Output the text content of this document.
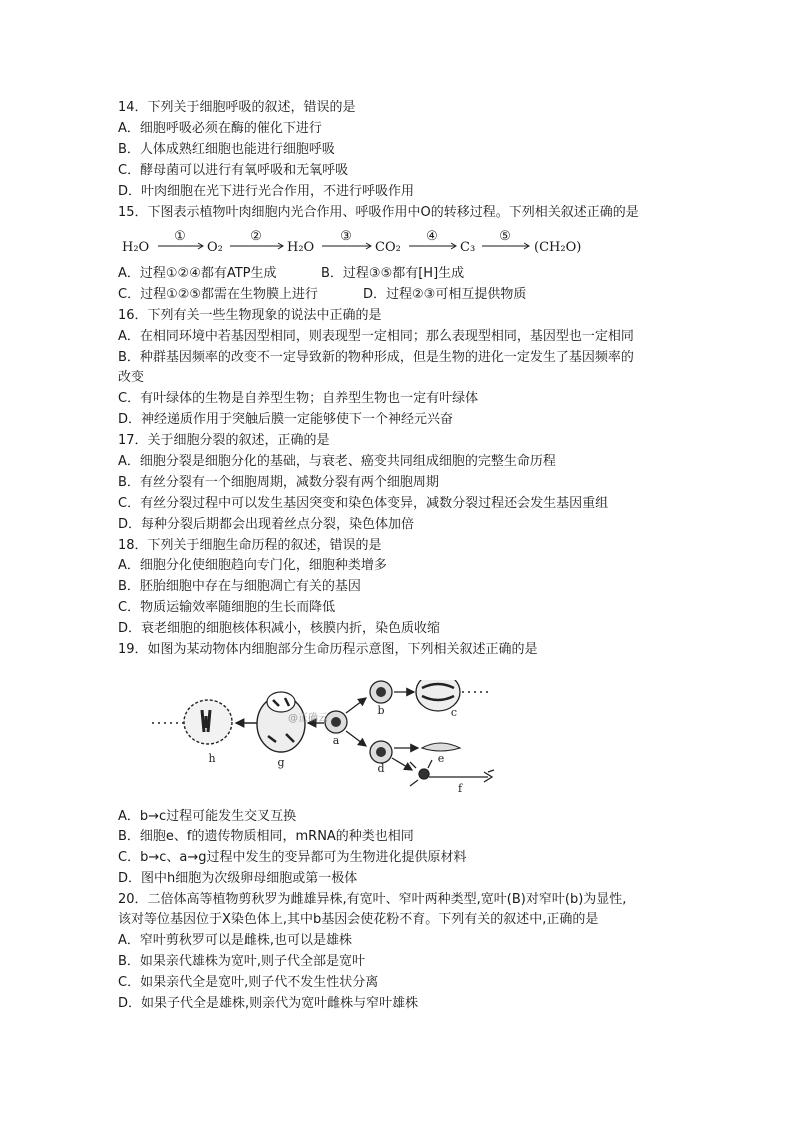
14．下列关于细胞呼吸的叙述，错误的是
A．细胞呼吸必须在酶的催化下进行
B．人体成熟红细胞也能进行细胞呼吸
C．酵母菌可以进行有氧呼吸和无氧呼吸
D．叶肉细胞在光下进行光合作用，不进行呼吸作用
15．下图表示植物叶肉细胞内光合作用、呼吸作用中O的转移过程。下列相关叙述正确的是
H₂O	O₂	H₂O	CO₂	C₃	(CH₂O)
①	②	③	④	⑤
A．过程①②④都有ATP生成	B．过程③⑤都有[H]生成
C．过程①②⑤都需在生物膜上进行	D．过程②③可相互提供物质
16．下列有关一些生物现象的说法中正确的是
A．在相同环境中若基因型相同，则表现型一定相同；那么表现型相同，基因型也一定相同
B．种群基因频率的改变不一定导致新的物种形成，但是生物的进化一定发生了基因频率的
改变
C．有叶绿体的生物是自养型生物；自养型生物也一定有叶绿体
D．神经递质作用于突触后膜一定能够使下一个神经元兴奋
17．关于细胞分裂的叙述，正确的是
A．细胞分裂是细胞分化的基础，与衰老、癌变共同组成细胞的完整生命历程
B．有丝分裂有一个细胞周期，减数分裂有两个细胞周期
C．有丝分裂过程中可以发生基因突变和染色体变异，减数分裂过程还会发生基因重组
D．每种分裂后期都会出现着丝点分裂，染色体加倍
18．下列关于细胞生命历程的叙述，错误的是
A．细胞分化使细胞趋向专门化，细胞种类增多
B．胚胎细胞中存在与细胞凋亡有关的基因
C．物质运输效率随细胞的生长而降低
D．衰老细胞的细胞核体积减小，核膜内折，染色质收缩
19．如图为某动物体内细胞部分生命历程示意图，下列相关叙述正确的是
@正确云
h	g
a
b	c
d
e
f
A．b→c过程可能发生交叉互换
B．细胞e、f的遗传物质相同，mRNA的种类也相同
C．b→c、a→g过程中发生的变异都可为生物进化提供原材料
D．图中h细胞为次级卵母细胞或第一极体
20．二倍体高等植物剪秋罗为雌雄异株,有宽叶、窄叶两种类型,宽叶(B)对窄叶(b)为显性,
该对等位基因位于X染色体上,其中b基因会使花粉不育。下列有关的叙述中,正确的是
A．窄叶剪秋罗可以是雌株,也可以是雄株
B．如果亲代雄株为宽叶,则子代全部是宽叶
C．如果亲代全是宽叶,则子代不发生性状分离
D．如果子代全是雄株,则亲代为宽叶雌株与窄叶雄株
